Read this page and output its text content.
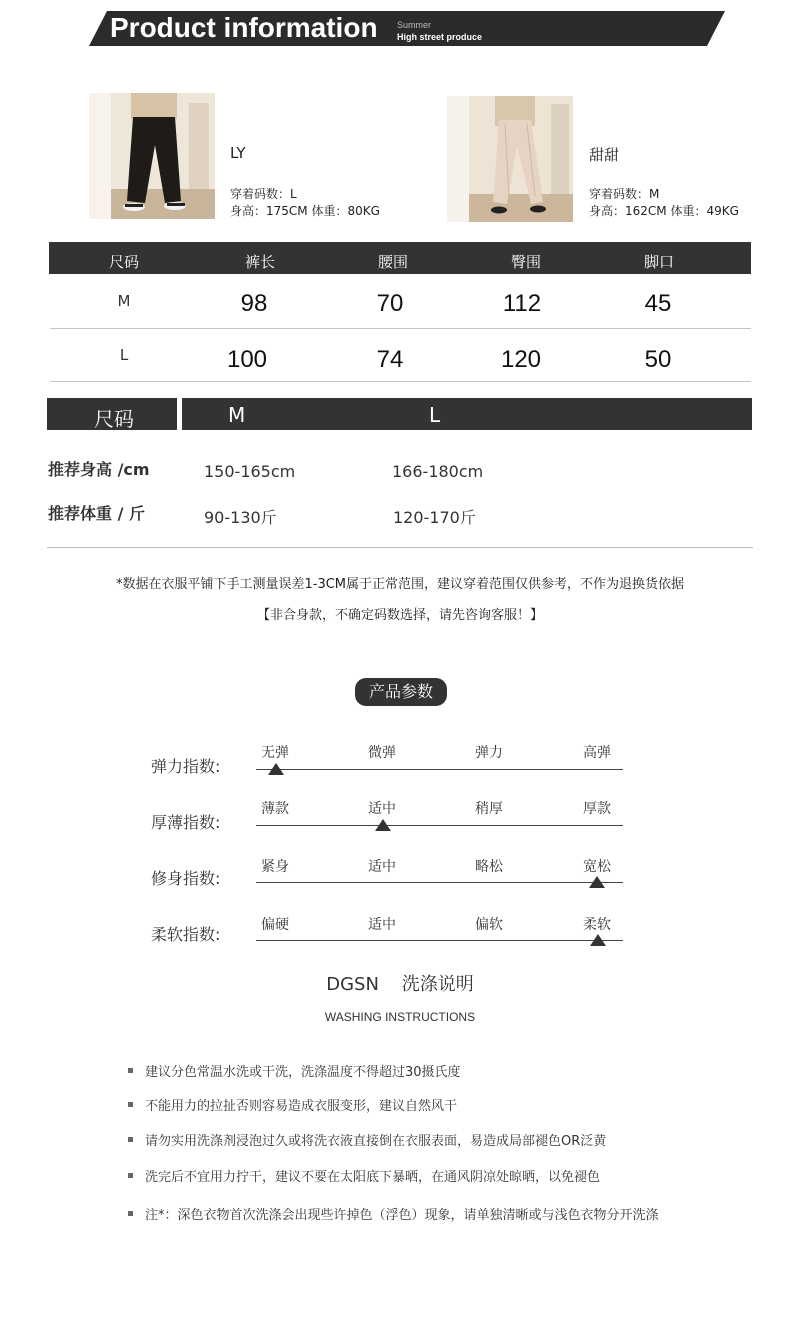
Product information Summer
High street produce
LY
穿着码数：L
身高：175CM 体重：80KG
甜甜
穿着码数：M
身高：162CM 体重：49KG
尺码	裤长	腰围	臀围	脚口
M	98	70	112	45
L	100	74	120	50
尺码	M	L
推荐身高 /cm	150-165cm	166-180cm
推荐体重 / 斤	90-130斤	120-170斤
*数据在衣服平铺下手工测量误差1-3CM属于正常范围，建议穿着范围仅供参考，不作为退换货依据
【非合身款，不确定码数选择，请先咨询客服！】
产品参数
弹力指数:
无弹	微弹	弹力	高弹
厚薄指数:
薄款	适中	稍厚	厚款
修身指数:
紧身	适中	略松	宽松
柔软指数:	偏硬	适中	偏软	柔软
DGSN    洗涤说明
WASHING INSTRUCTIONS
建议分色常温水洗或干洗，洗涤温度不得超过30摄氏度
不能用力的拉扯否则容易造成衣服变形，建议自然风干
请勿实用洗涤剂浸泡过久或将洗衣液直接倒在衣服表面，易造成局部褪色OR泛黄
洗完后不宜用力拧干，建议不要在太阳底下暴晒，在通风阴凉处晾晒，以免褪色
注*：深色衣物首次洗涤会出现些许掉色（浮色）现象，请单独清晰或与浅色衣物分开洗涤
